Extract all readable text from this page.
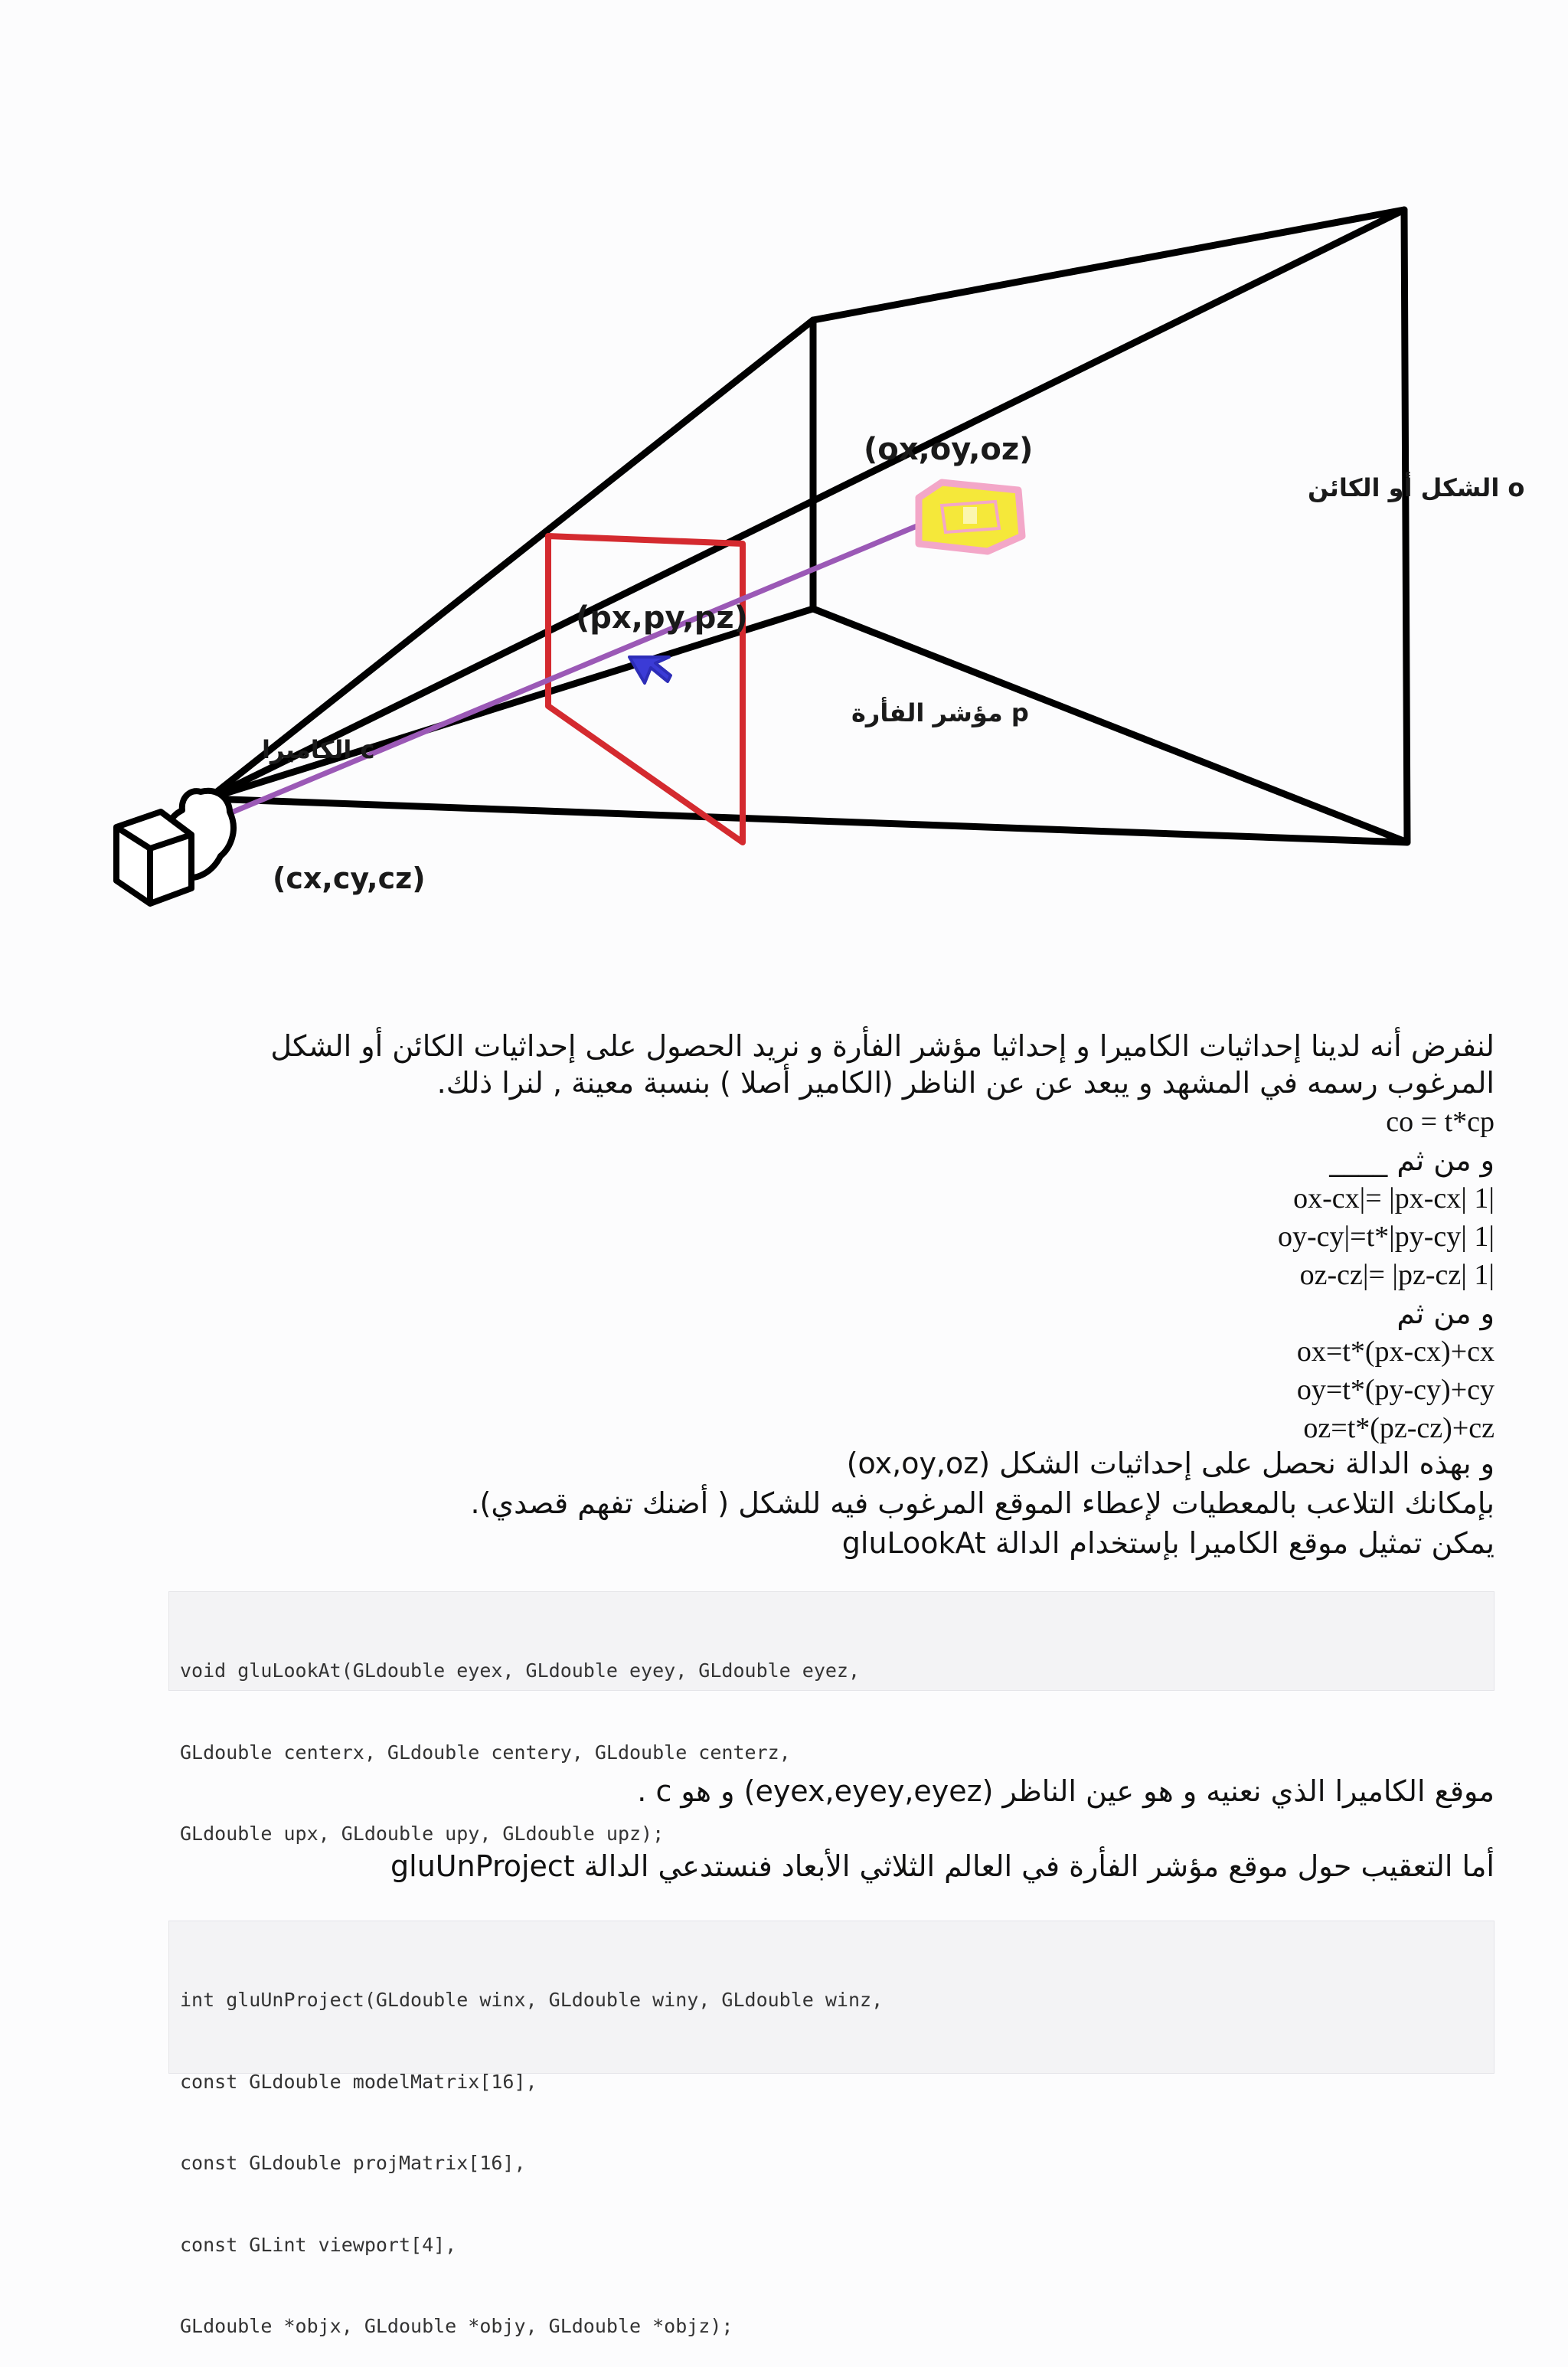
(ox,oy,oz)
o الشكل أو الكائن
(px,py,pz)
p مؤشر الفأرة
c الكاميرا
(cx,cy,cz)

لنفرض أنه لدينا إحداثيات الكاميرا و إحداثيا مؤشر الفأرة و نريد الحصول على إحداثيات الكائن أو الشكل

المرغوب رسمه في المشهد و يبعد عن عن الناظر (الكامير أصلا ) بنسبة معينة , لنرا ذلك.

co = t*cp

و من ثم ____

ox-cx|= |px-cx| 1|

oy-cy|=t*|py-cy| 1|

oz-cz|= |pz-cz| 1|

و من ثم

ox=t*(px-cx)+cx

oy=t*(py-cy)+cy

oz=t*(pz-cz)+cz

و بهذه الدالة نحصل على إحداثيات الشكل (ox,oy,oz)

بإمكانك التلاعب بالمعطيات لإعطاء الموقع المرغوب فيه للشكل ( أضنك تفهم قصدي).

يمكن تمثيل موقع الكاميرا بإستخدام الدالة gluLookAt

void gluLookAt(GLdouble eyex, GLdouble eyey, GLdouble eyez,

GLdouble centerx, GLdouble centery, GLdouble centerz,

GLdouble upx, GLdouble upy, GLdouble upz);

موقع الكاميرا الذي نعنيه و هو عين الناظر (eyex,eyey,eyez) و هو c .

أما التعقيب حول موقع مؤشر الفأرة في العالم الثلاثي الأبعاد فنستدعي الدالة gluUnProject

int gluUnProject(GLdouble winx, GLdouble winy, GLdouble winz,

const GLdouble modelMatrix[16],

const GLdouble projMatrix[16],

const GLint viewport[4],

GLdouble *objx, GLdouble *objy, GLdouble *objz);
